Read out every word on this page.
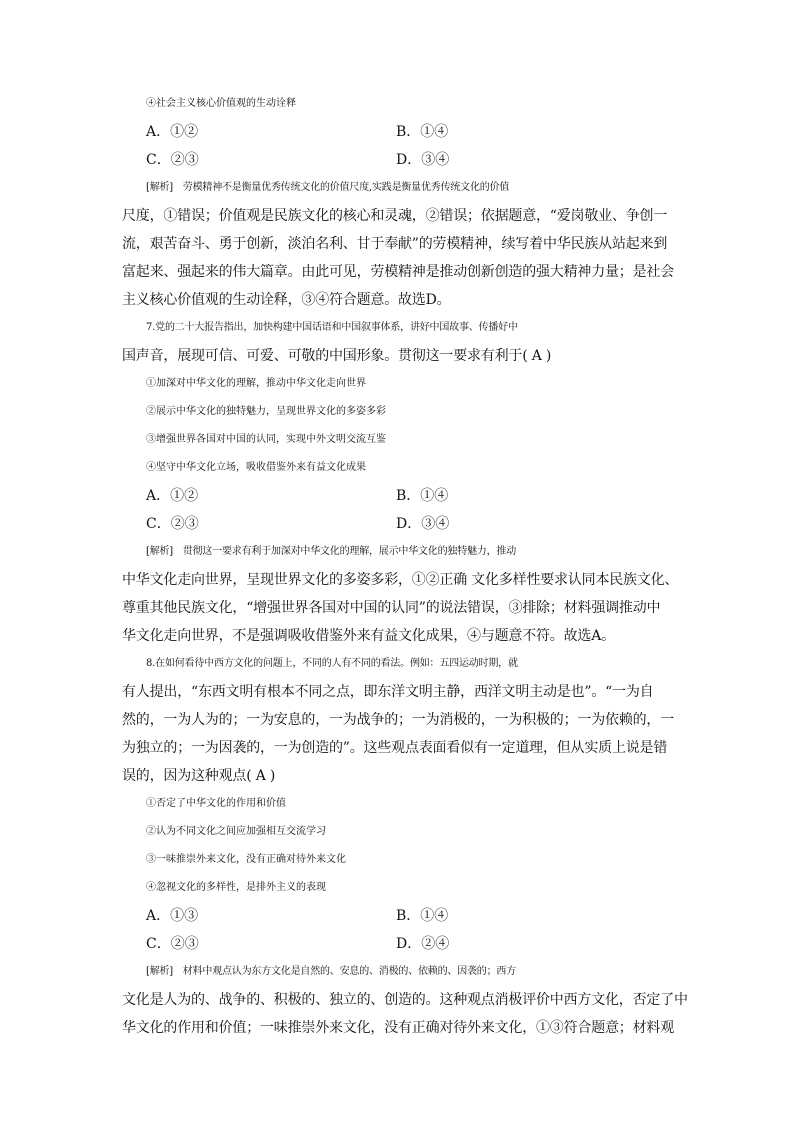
④社会主义核心价值观的生动诠释
A．①②	B．①④
C．②③	D．③④
[解析]　劳模精神不是衡量优秀传统文化的价值尺度,实践是衡量优秀传统文化的价值
尺度，①错误；价值观是民族文化的核心和灵魂，②错误；依据题意，“爱岗敬业、争创一
流，艰苦奋斗、勇于创新，淡泊名利、甘于奉献”的劳模精神，续写着中华民族从站起来到
富起来、强起来的伟大篇章。由此可见，劳模精神是推动创新创造的强大精神力量；是社会
主义核心价值观的生动诠释，③④符合题意。故选D。
7.党的二十大报告指出，加快构建中国话语和中国叙事体系，讲好中国故事、传播好中
国声音，展现可信、可爱、可敬的中国形象。贯彻这一要求有利于( A )
①加深对中华文化的理解，推动中华文化走向世界
②展示中华文化的独特魅力，呈现世界文化的多姿多彩
③增强世界各国对中国的认同，实现中外文明交流互鉴
④坚守中华文化立场，吸收借鉴外来有益文化成果
A．①②	B．①④
C．②③	D．③④
[解析]　贯彻这一要求有利于加深对中华文化的理解，展示中华文化的独特魅力，推动
中华文化走向世界，呈现世界文化的多姿多彩，①②正确 文化多样性要求认同本民族文化、
尊重其他民族文化，“增强世界各国对中国的认同”的说法错误，③排除；材料强调推动中
华文化走向世界，不是强调吸收借鉴外来有益文化成果，④与题意不符。故选A。
8.在如何看待中西方文化的问题上，不同的人有不同的看法。例如：五四运动时期，就
有人提出，“东西文明有根本不同之点，即东洋文明主静，西洋文明主动是也”。“一为自
然的，一为人为的；一为安息的，一为战争的；一为消极的，一为积极的；一为依赖的，一
为独立的；一为因袭的，一为创造的”。这些观点表面看似有一定道理，但从实质上说是错
误的，因为这种观点( A )
①否定了中华文化的作用和价值
②认为不同文化之间应加强相互交流学习
③一味推崇外来文化，没有正确对待外来文化
④忽视文化的多样性，是排外主义的表现
A．①③	B．①④
C．②③	D．②④
[解析]　材料中观点认为东方文化是自然的、安息的、消极的、依赖的、因袭的；西方
文化是人为的、战争的、积极的、独立的、创造的。这种观点消极评价中西方文化，否定了中
华文化的作用和价值；一味推崇外来文化，没有正确对待外来文化，①③符合题意；材料观
